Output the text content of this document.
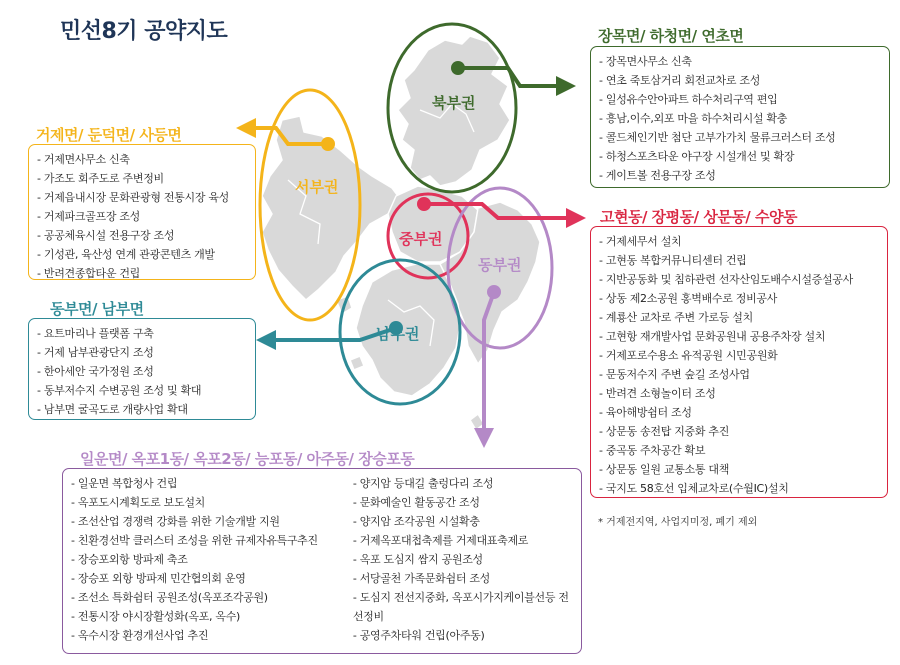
민선8기 공약지도
북부권
서부권
중부권
동부권
남부권
장목면/ 하청면/ 연초면
- 장목면사무소 신축
- 연초 죽토삼거리 회전교차로 조성
- 일성유수안아파트 하수처리구역 편입
- 흥남,이수,외포 마을 하수처리시설 확충
- 콜드체인기반 첨단 고부가가치 물류크러스터 조성
- 하청스포츠타운 야구장 시설개선 및 확장
- 게이트볼 전용구장 조성
거제면/ 둔덕면/ 사등면
- 거제면사무소 신축
- 가조도 회주도로 주변정비
- 거제읍내시장 문화관광형 전통시장 육성
- 거제파크골프장 조성
- 공공체육시설 전용구장 조성
- 기성관, 육산성 연계 관광콘텐츠 개발
- 반려견종합타운 건립
동부면/ 남부면
- 요트마리나 플랫폼 구축
- 거제 남부관광단지 조성
- 한아세안 국가정원 조성
- 동부저수지 수변공원 조성 및 확대
- 남부면 굴곡도로 개량사업 확대
고현동/ 장평동/ 상문동/ 수양동
- 거제세무서 설치
- 고현동 복합커뮤니티센터 건립
- 지반공동화 및 침하관련 선자산임도배수시설증설공사
- 상동 제2소공원 홍벽배수로 정비공사
- 계룡산 교차로 주변 가로등 설치
- 고현항 재개발사업 문화공원내 공용주차장 설치
- 거제포로수용소 유적공원 시민공원화
- 문동저수지 주변 숲길 조성사업
- 반려견 소형놀이터 조성
- 육아해방쉼터 조성
- 상문동 송전탑 지중화 추진
- 중곡동 주차공간 확보
- 상문동 일원 교통소통 대책
- 국지도 58호선 입체교차로(수월IC)설치
* 거제전지역, 사업지미정, 폐기 제외
일운면/ 옥포1동/ 옥포2동/ 능포동/ 아주동/ 장승포동
- 일운면 복합청사 건립
- 옥포도시계획도로 보도설치
- 조선산업 경쟁력 강화를 위한 기술개발 지원
- 친환경선박 클러스터 조성을 위한 규제자유특구추진
- 장승포외항 방파제 축조
- 장승포 외항 방파제 민간협의회 운영
- 조선소 특화쉼터 공원조성(옥포조각공원)
- 전통시장 야시장활성화(옥포, 옥수)
- 옥수시장 환경개선사업 추진
- 양지암 등대길 출렁다리 조성
- 문화예술인 활동공간 조성
- 양지암 조각공원 시설확충
- 거제옥포대첩축제를 거제대표축제로
- 옥포 도심지 쌈지 공원조성
- 서당골천 가족문화쉼터 조성
- 도심지 전선지중화, 옥포시가지케이블선등 전선정비
- 공영주차타워 건립(아주동)
